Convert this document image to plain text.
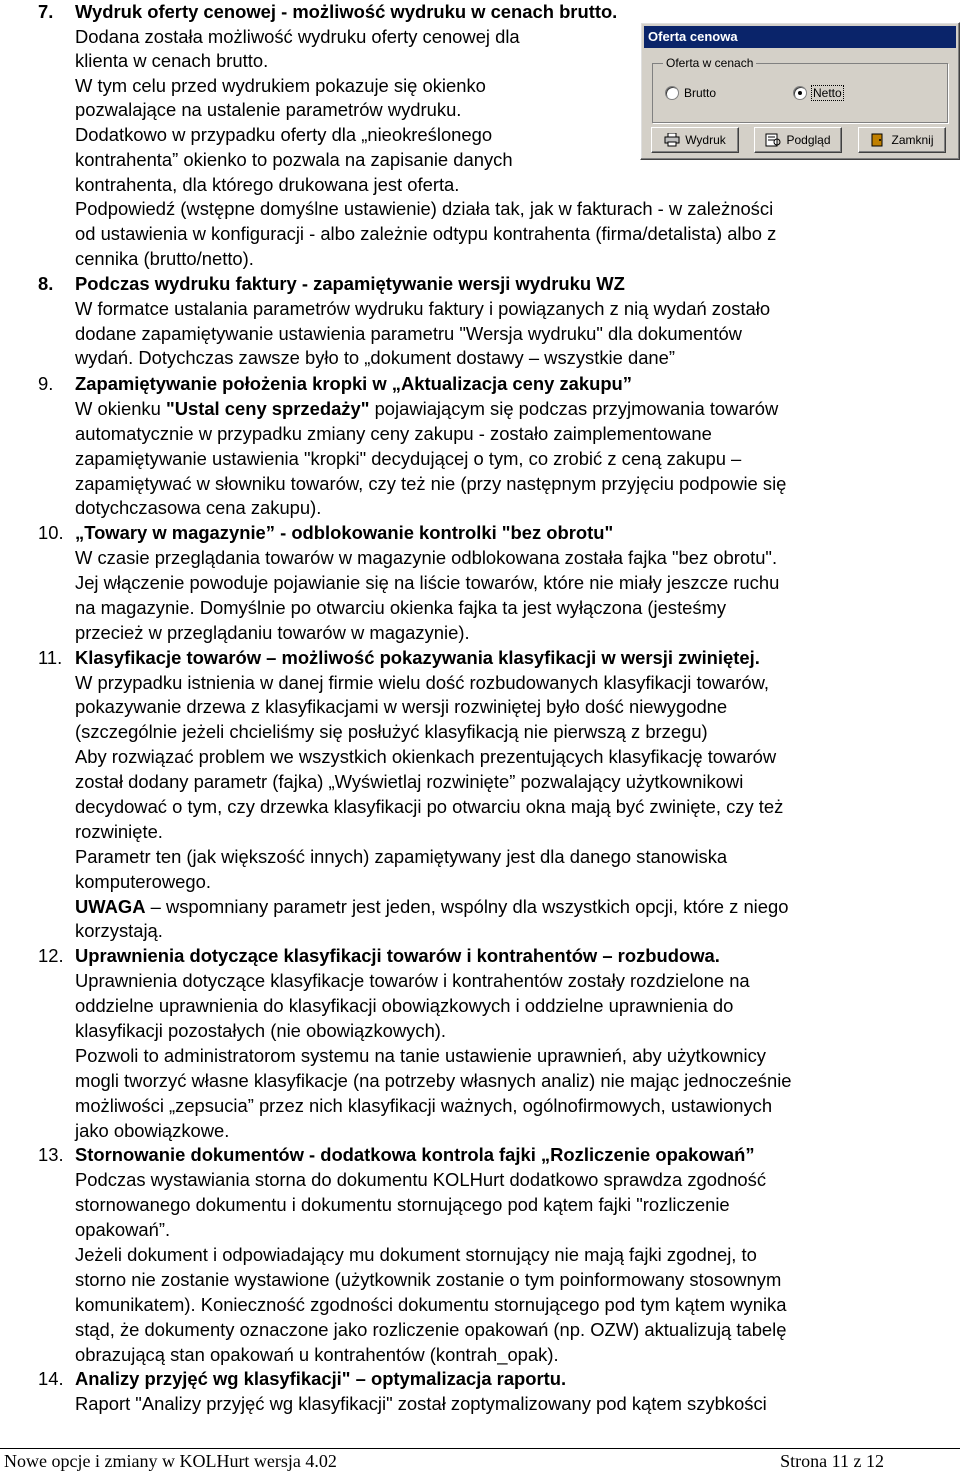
7. Wydruk oferty cenowej - możliwość wydruku w cenach brutto.
Dodana została możliwość wydruku oferty cenowej dla
klienta w cenach brutto.
W tym celu przed wydrukiem pokazuje się okienko
pozwalające na ustalenie parametrów wydruku.
Dodatkowo w przypadku oferty dla „nieokreślonego
kontrahenta” okienko to pozwala na zapisanie danych
kontrahenta, dla którego drukowana jest oferta.
Podpowiedź (wstępne domyślne ustawienie) działa tak, jak w fakturach - w zależności
od ustawienia w konfiguracji - albo zależnie odtypu kontrahenta (firma/detalista) albo z
cennika (brutto/netto).
Oferta cenowa
Oferta w cenach
Brutto	Netto
Wydruk	Podgląd	Zamknij
8. Podczas wydruku faktury - zapamiętywanie wersji wydruku WZ
W formatce ustalania parametrów wydruku faktury i powiązanych z nią wydań zostało
dodane zapamiętywanie ustawienia parametru "Wersja wydruku" dla dokumentów
wydań. Dotychczas zawsze było to „dokument dostawy – wszystkie dane”
9. Zapamiętywanie położenia kropki w „Aktualizacja ceny zakupu”
W okienku "Ustal ceny sprzedaży" pojawiającym się podczas przyjmowania towarów
automatycznie w przypadku zmiany ceny zakupu - zostało zaimplementowane
zapamiętywanie ustawienia "kropki" decydującej o tym, co zrobić z ceną zakupu –
zapamiętywać w słowniku towarów, czy też nie (przy następnym przyjęciu podpowie się
dotychczasowa cena zakupu).
10. „Towary w magazynie” - odblokowanie kontrolki "bez obrotu"
W czasie przeglądania towarów w magazynie odblokowana została fajka "bez obrotu".
Jej włączenie powoduje pojawianie się na liście towarów, które nie miały jeszcze ruchu
na magazynie. Domyślnie po otwarciu okienka fajka ta jest wyłączona (jesteśmy
przecież w przeglądaniu towarów w magazynie).
11. Klasyfikacje towarów – możliwość pokazywania klasyfikacji w wersji zwiniętej.
W przypadku istnienia w danej firmie wielu dość rozbudowanych klasyfikacji towarów,
pokazywanie drzewa z klasyfikacjami w wersji rozwiniętej było dość niewygodne
(szczególnie jeżeli chcieliśmy się posłużyć klasyfikacją nie pierwszą z brzegu)
Aby rozwiązać problem we wszystkich okienkach prezentujących klasyfikację towarów
został dodany parametr (fajka) „Wyświetlaj rozwinięte” pozwalający użytkownikowi
decydować o tym, czy drzewka klasyfikacji po otwarciu okna mają być zwinięte, czy też
rozwinięte.
Parametr ten (jak większość innych) zapamiętywany jest dla danego stanowiska
komputerowego.
UWAGA – wspomniany parametr jest jeden, wspólny dla wszystkich opcji, które z niego
korzystają.
12. Uprawnienia dotyczące klasyfikacji towarów i kontrahentów – rozbudowa.
Uprawnienia dotyczące klasyfikacje towarów i kontrahentów zostały rozdzielone na
oddzielne uprawnienia do klasyfikacji obowiązkowych i oddzielne uprawnienia do
klasyfikacji pozostałych (nie obowiązkowych).
Pozwoli to administratorom systemu na tanie ustawienie uprawnień, aby użytkownicy
mogli tworzyć własne klasyfikacje (na potrzeby własnych analiz) nie mając jednocześnie
możliwości „zepsucia” przez nich klasyfikacji ważnych, ogólnofirmowych, ustawionych
jako obowiązkowe.
13. Stornowanie dokumentów - dodatkowa kontrola fajki „Rozliczenie opakowań”
Podczas wystawiania storna do dokumentu KOLHurt dodatkowo sprawdza zgodność
stornowanego dokumentu i dokumentu stornującego pod kątem fajki "rozliczenie
opakowań”.
Jeżeli dokument i odpowiadający mu dokument stornujący nie mają fajki zgodnej, to
storno nie zostanie wystawione (użytkownik zostanie o tym poinformowany stosownym
komunikatem). Konieczność zgodności dokumentu stornującego pod tym kątem wynika
stąd, że dokumenty oznaczone jako rozliczenie opakowań (np. OZW) aktualizują tabelę
obrazującą stan opakowań u kontrahentów (kontrah_opak).
14. Analizy przyjęć wg klasyfikacji" – optymalizacja raportu.
Raport "Analizy przyjęć wg klasyfikacji" został zoptymalizowany pod kątem szybkości
Nowe opcje i zmiany w KOLHurt wersja 4.02	Strona 11 z 12
